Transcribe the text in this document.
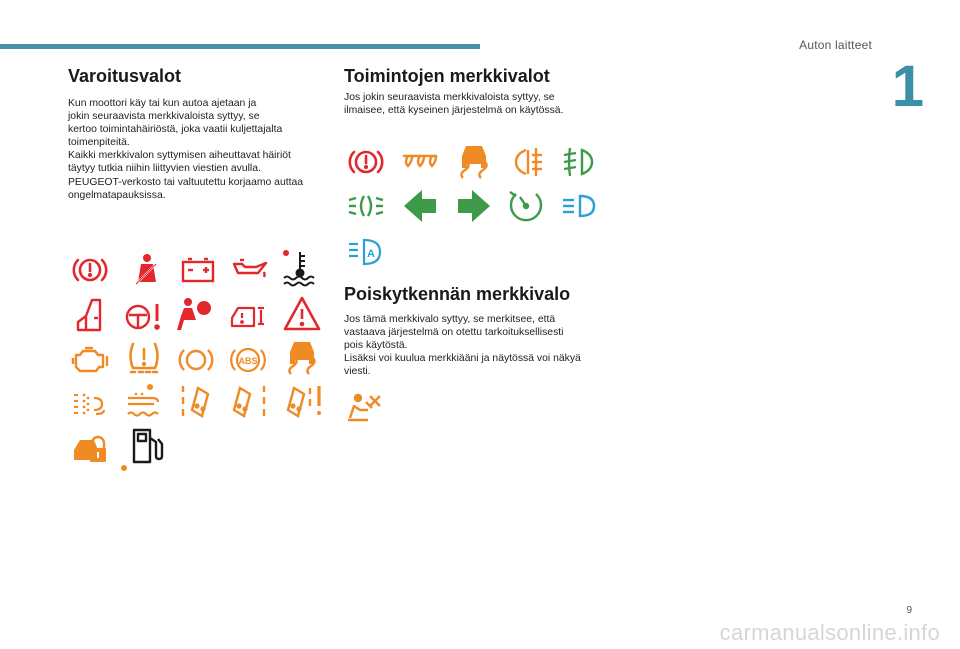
Auton laitteet
1
Varoitusvalot
Kun moottori käy tai kun autoa ajetaan ja
jokin seuraavista merkkivaloista syttyy, se
kertoo toimintahäiriöstä, joka vaatii kuljettajalta
toimenpiteitä.
Kaikki merkkivalon syttymisen aiheuttavat häiriöt
täytyy tutkia niihin liittyvien viestien avulla.
PEUGEOT-verkosto tai valtuutettu korjaamo auttaa
ongelmatapauksissa.
Toimintojen merkkivalot
Jos jokin seuraavista merkkivaloista syttyy, se
ilmaisee, että kyseinen järjestelmä on käytössä.
Poiskytkennän merkkivalo
Jos tämä merkkivalo syttyy, se merkitsee, että
vastaava järjestelmä on otettu tarkoituksellisesti
pois käytöstä.
Lisäksi voi kuulua merkkiääni ja näytössä voi näkyä
viesti.
ABS
A
9
carmanualsonline.info
